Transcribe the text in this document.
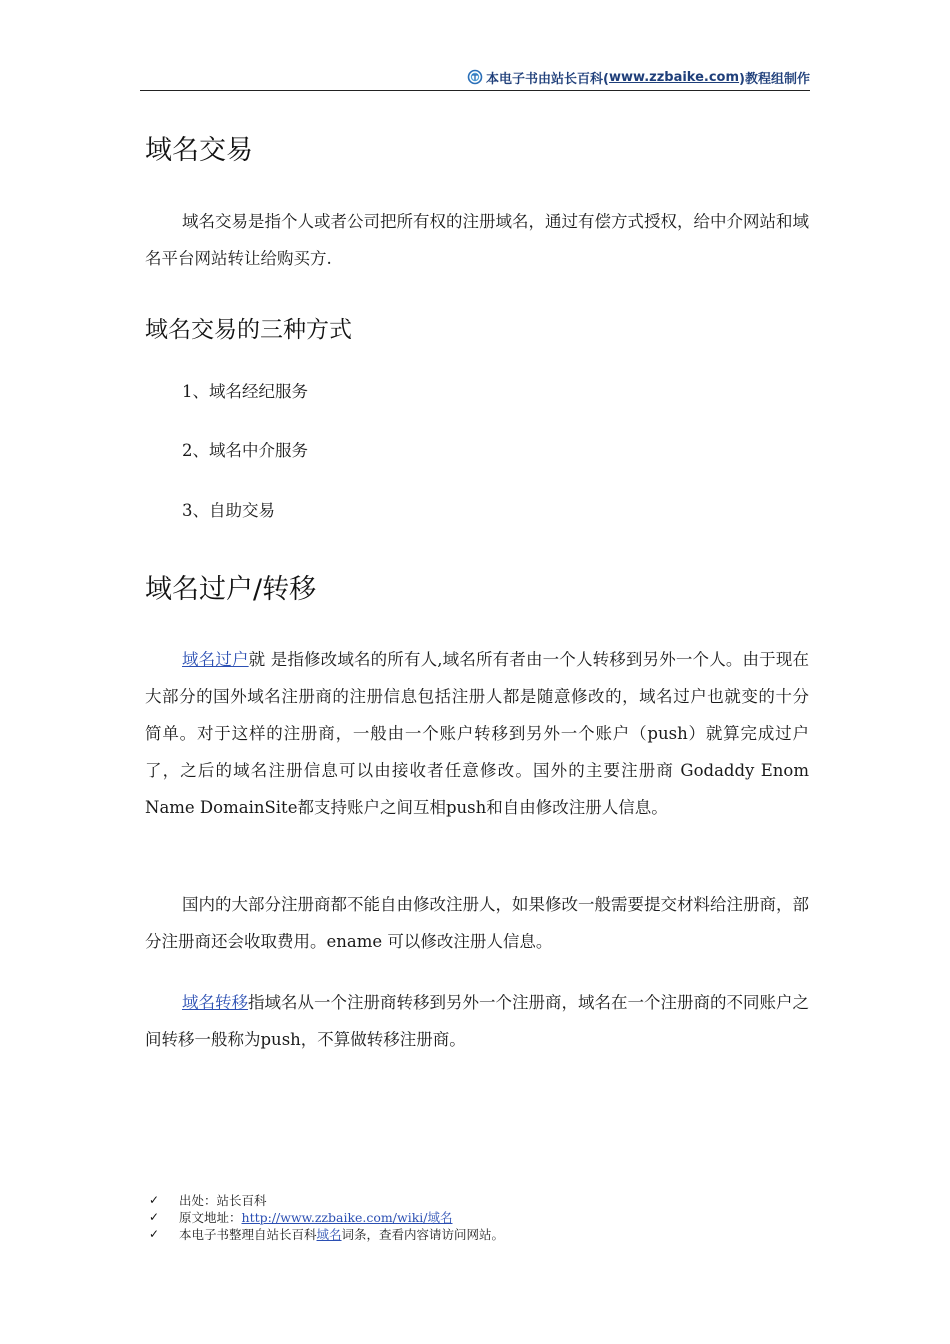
本电子书由站长百科( www.zzbaike.com )教程组制作
域名交易

域名交易是指个人或者公司把所有权的注册域名，通过有偿方式授权，给中介网站和域名平台网站转让给购买方.

域名交易的三种方式

1、域名经纪服务

2、域名中介服务

3、自助交易

域名过户/转移

域名过户就 是指修改域名的所有人,域名所有者由一个人转移到另外一个人。由于现在大部分的国外域名注册商的注册信息包括注册人都是随意修改的，域名过户也就变的十分 简单。对于这样的注册商，一般由一个账户转移到另外一个账户（push）就算完成过户了，之后的域名注册信息可以由接收者任意修改。国外的主要注册商 Godaddy Enom Name DomainSite都支持账户之间互相push和自由修改注册人信息。

国内的大部分注册商都不能自由修改注册人，如果修改一般需要提交材料给注册商，部分注册商还会收取费用。ename 可以修改注册人信息。

域名转移指域名从一个注册商转移到另外一个注册商，域名在一个注册商的不同账户之间转移一般称为push，不算做转移注册商。

✓	出处：站长百科
✓	原文地址： http://www.zzbaike.com/wiki/域名
✓	本电子书整理自站长百科 域名 词条，查看内容请访问网站。
